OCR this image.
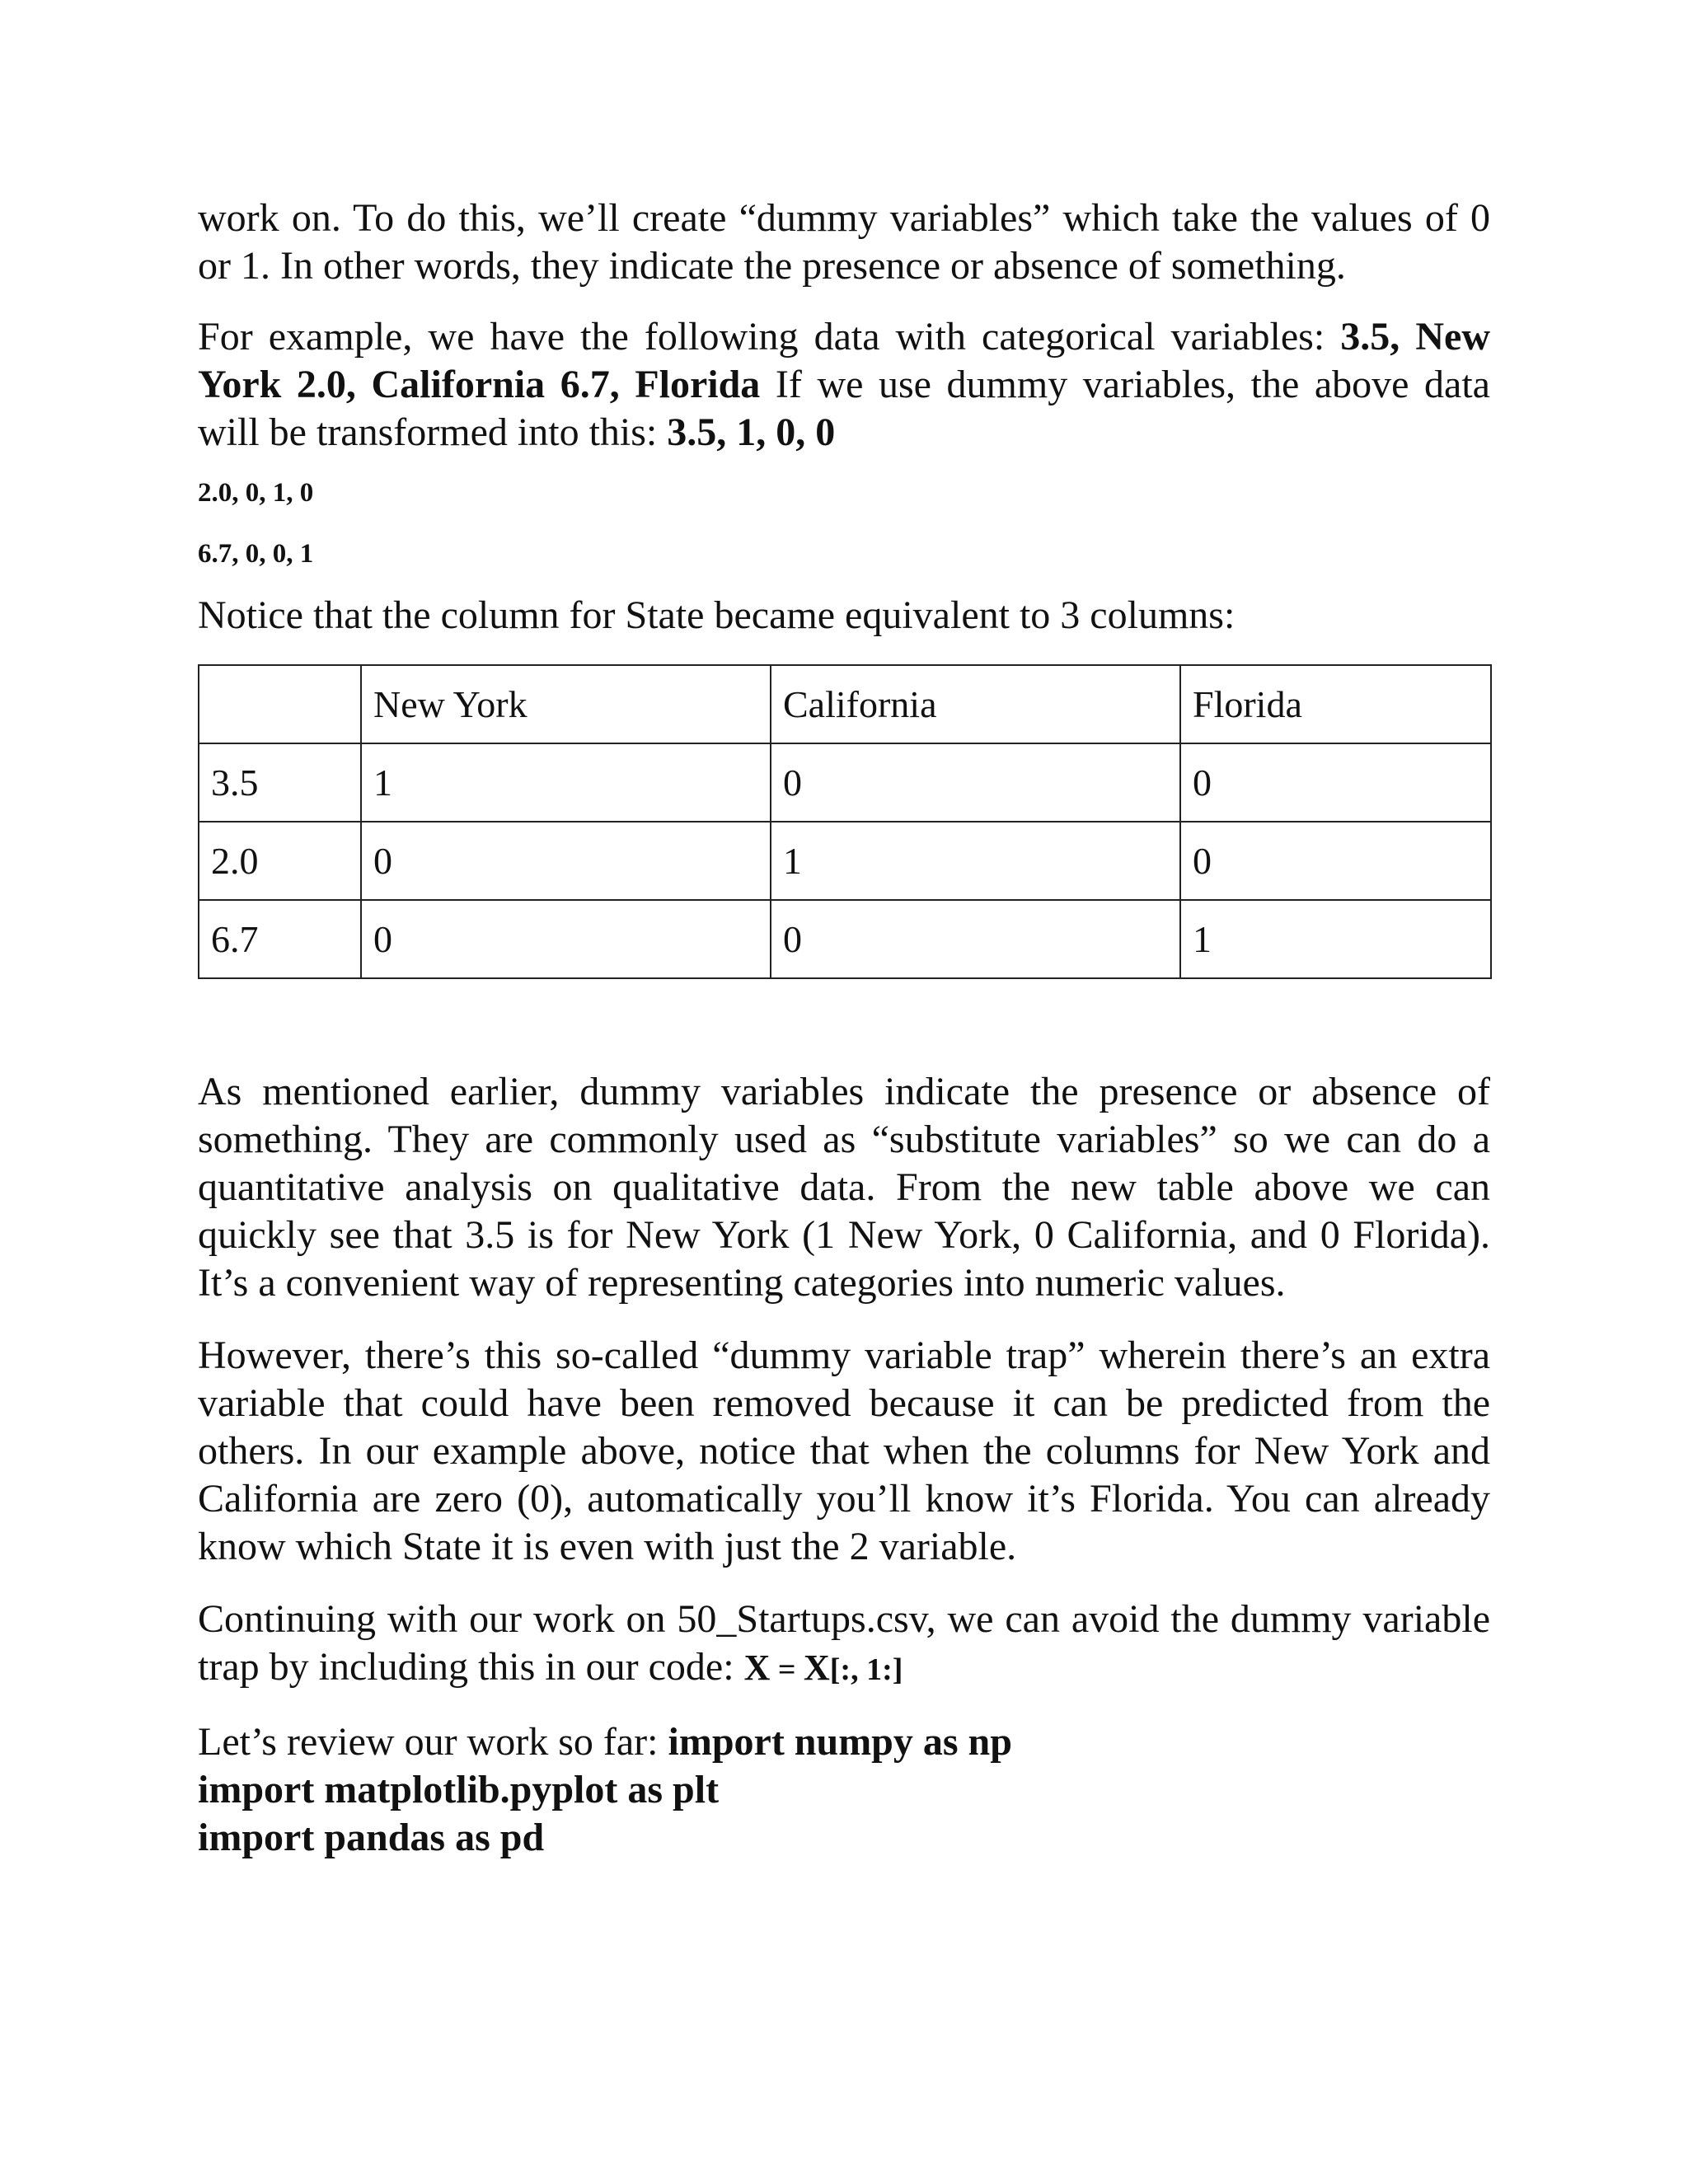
work on. To do this, we’ll create “dummy variables” which take the values of 0 or 1. In other words, they indicate the presence or absence of something.

For example, we have the following data with categorical variables: 3.5, New York 2.0, California 6.7, Florida If we use dummy variables, the above data will be transformed into this: 3.5, 1, 0, 0

2.0, 0, 1, 0

6.7, 0, 0, 1

Notice that the column for State became equivalent to 3 columns:

	New York	California	Florida
3.5	1	0	0
2.0	0	1	0
6.7	0	0	1

As mentioned earlier, dummy variables indicate the presence or absence of something. They are commonly used as “substitute variables” so we can do a quantitative analysis on qualitative data. From the new table above we can quickly see that 3.5 is for New York (1 New York, 0 California, and 0 Florida). It’s a convenient way of representing categories into numeric values.

However, there’s this so-called “dummy variable trap” wherein there’s an extra variable that could have been removed because it can be predicted from the others. In our example above, notice that when the columns for New York and California are zero (0), automatically you’ll know it’s Florida. You can already know which State it is even with just the 2 variable.

Continuing with our work on 50_Startups.csv, we can avoid the dummy variable trap by including this in our code: X = X[:, 1:]

Let’s review our work so far: import numpy as np
import matplotlib.pyplot as plt
import pandas as pd
